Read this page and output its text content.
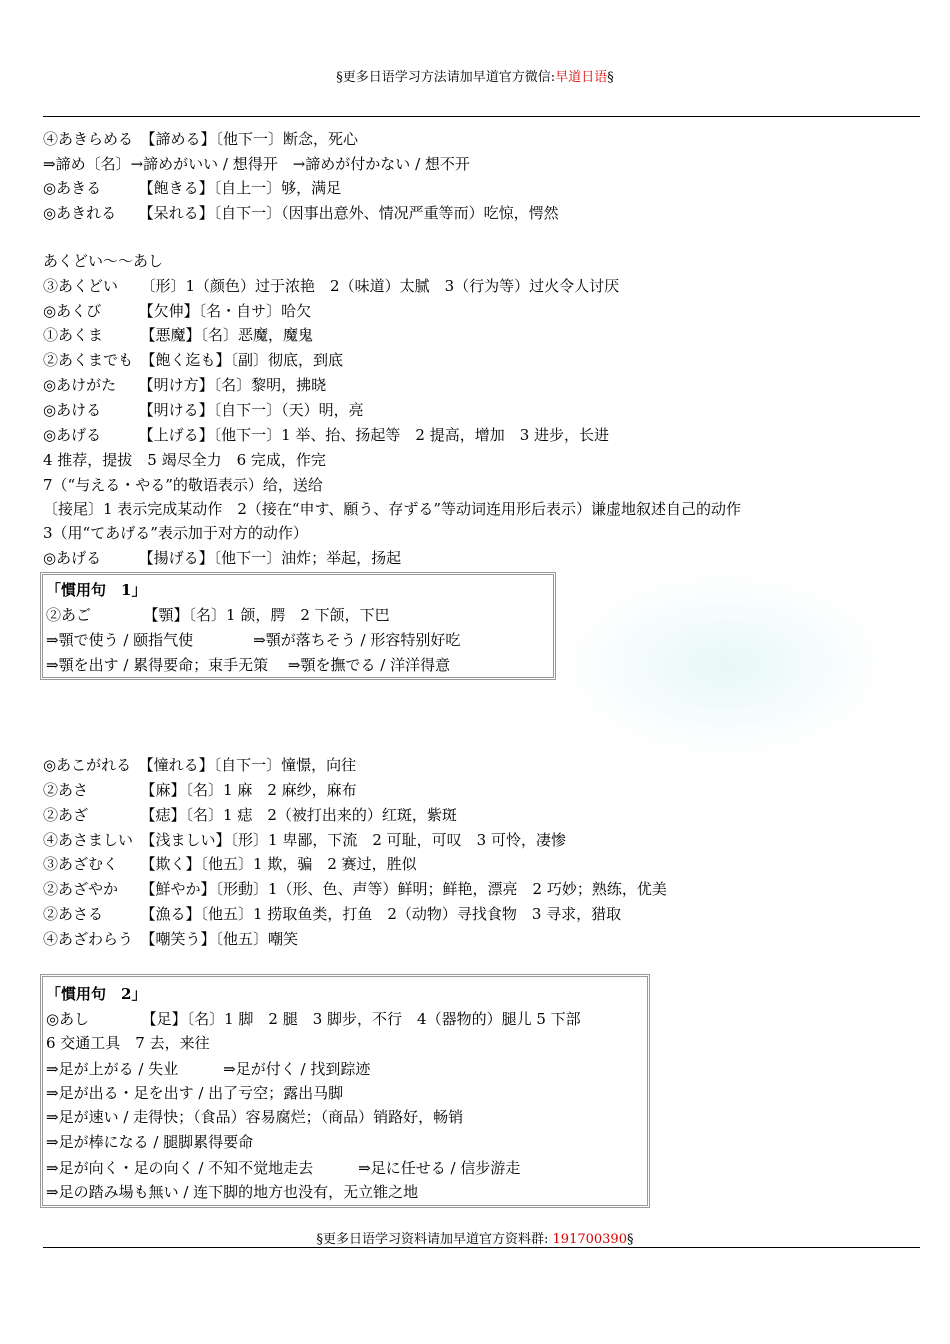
§更多日语学习方法请加早道官方微信:早道日语§
④あきらめる　【諦める】〔他下一〕断念，死心
⇒諦め〔名〕→諦めがいい / 想得开　→諦めが付かない / 想不开
◎あきる　　　【飽きる】〔自上一〕够，满足
◎あきれる　　【呆れる】〔自下一〕（因事出意外、情况严重等而）吃惊，愕然
あくどい～～あし
③あくどい　　〔形〕1（颜色）过于浓艳　2（味道）太腻　3（行为等）过火令人讨厌
◎あくび　　　【欠伸】〔名・自サ〕哈欠
①あくま　　　【悪魔】〔名〕恶魔，魔鬼
②あくまでも　【飽く迄も】〔副〕彻底，到底
◎あけがた　　【明け方】〔名〕黎明，拂晓
◎あける　　　【明ける】〔自下一〕（天）明，亮
◎あげる　　　【上げる】〔他下一〕1 举、抬、扬起等　2 提高，增加　3 进步，长进
4 推荐，提拔　5 竭尽全力　6 完成，作完
7（“与える・やる”的敬语表示）给，送给
〔接尾〕1 表示完成某动作　2（接在“申す、願う、存ずる”等动词连用形后表示）谦虚地叙述自己的动作
3（用“てあげる”表示加于对方的动作）
◎あげる　　　【揚げる】〔他下一〕油炸；举起，扬起
「慣用句　1」
②あご　　　　【顎】〔名〕1 颌，腭　2 下颌，下巴
⇒顎で使う / 颐指气使　　　　⇒顎が落ちそう / 形容特别好吃
⇒顎を出す / 累得要命；束手无策　 ⇒顎を撫でる / 洋洋得意
◎あこがれる　【憧れる】〔自下一〕憧憬，向往
②あさ　　　　【麻】〔名〕1 麻　2 麻纱，麻布
②あざ　　　　【痣】〔名〕1 痣　2（被打出来的）红斑，紫斑
④あさましい　【浅ましい】〔形〕1 卑鄙，下流　2 可耻，可叹　3 可怜，凄惨
③あざむく　　【欺く】〔他五〕1 欺，骗　2 赛过，胜似
②あざやか　　【鮮やか】〔形動〕1（形、色、声等）鲜明；鲜艳，漂亮　2 巧妙；熟练，优美
②あさる　　　【漁る】〔他五〕1 捞取鱼类，打鱼　2（动物）寻找食物　3 寻求，猎取
④あざわらう　【嘲笑う】〔他五〕嘲笑
「慣用句　2」
◎あし　　　　【足】〔名〕1 脚　2 腿　3 脚步，不行　4（器物的）腿儿 5 下部
6 交通工具　7 去，来往
⇒足が上がる / 失业　　　⇒足が付く / 找到踪迹
⇒足が出る・足を出す / 出了亏空；露出马脚
⇒足が速い / 走得快；（食品）容易腐烂；（商品）销路好，畅销
⇒足が棒になる / 腿脚累得要命
⇒足が向く・足の向く / 不知不觉地走去　　　⇒足に任せる / 信步游走
⇒足の踏み場も無い / 连下脚的地方也没有，无立锥之地
§更多日语学习资料请加早道官方资料群: 191700390§
